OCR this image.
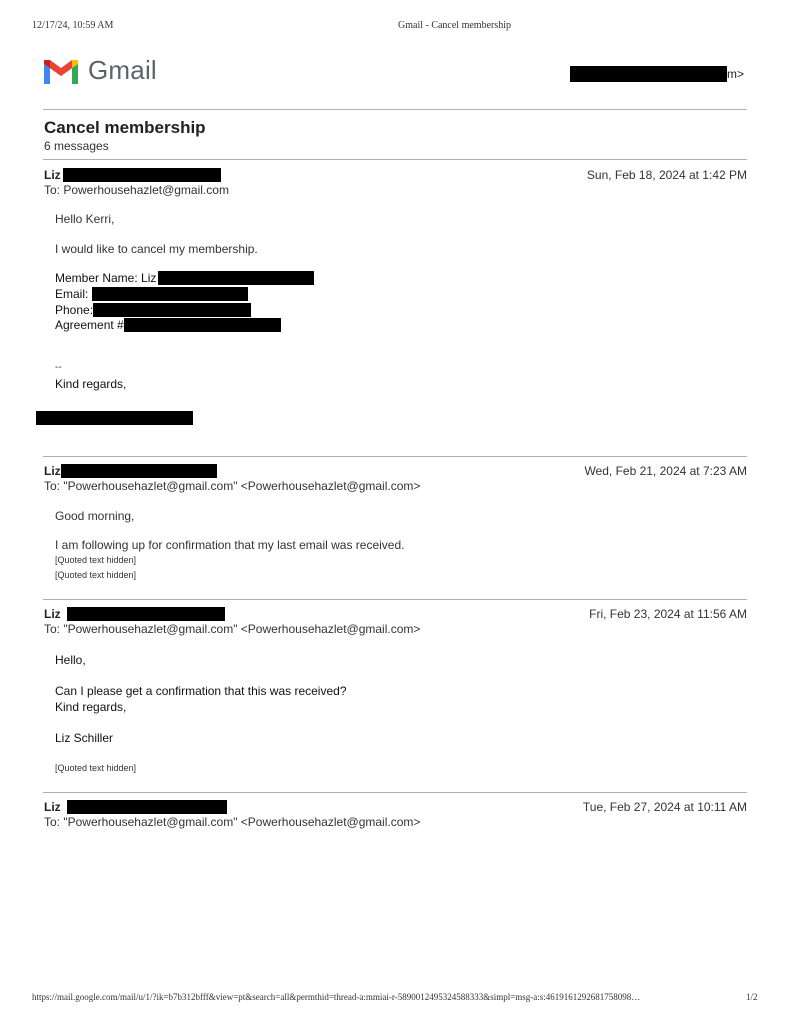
12/17/24, 10:59 AM	Gmail - Cancel membership
Gmail	m>
Cancel membership
6 messages
Liz	Sun, Feb 18, 2024 at 1:42 PM
To: Powerhousehazlet@gmail.com
Hello Kerri,
I would like to cancel my membership.
Member Name: Liz
Email:
Phone:
Agreement #
--
Kind regards,
Liz	Wed, Feb 21, 2024 at 7:23 AM
To: "Powerhousehazlet@gmail.com" <Powerhousehazlet@gmail.com>
Good morning,
I am following up for confirmation that my last email was received.
[Quoted text hidden]
[Quoted text hidden]
Liz	Fri, Feb 23, 2024 at 11:56 AM
To: "Powerhousehazlet@gmail.com" <Powerhousehazlet@gmail.com>
Hello,
Can I please get a confirmation that this was received?
Kind regards,
Liz Schiller
[Quoted text hidden]
Liz	Tue, Feb 27, 2024 at 10:11 AM
To: "Powerhousehazlet@gmail.com" <Powerhousehazlet@gmail.com>
https://mail.google.com/mail/u/1/?ik=b7b312bfff&view=pt&search=all&permthid=thread-a:mmiai-r-5890012495324588333&simpl=msg-a:s:4619161292681758098…	1/2
